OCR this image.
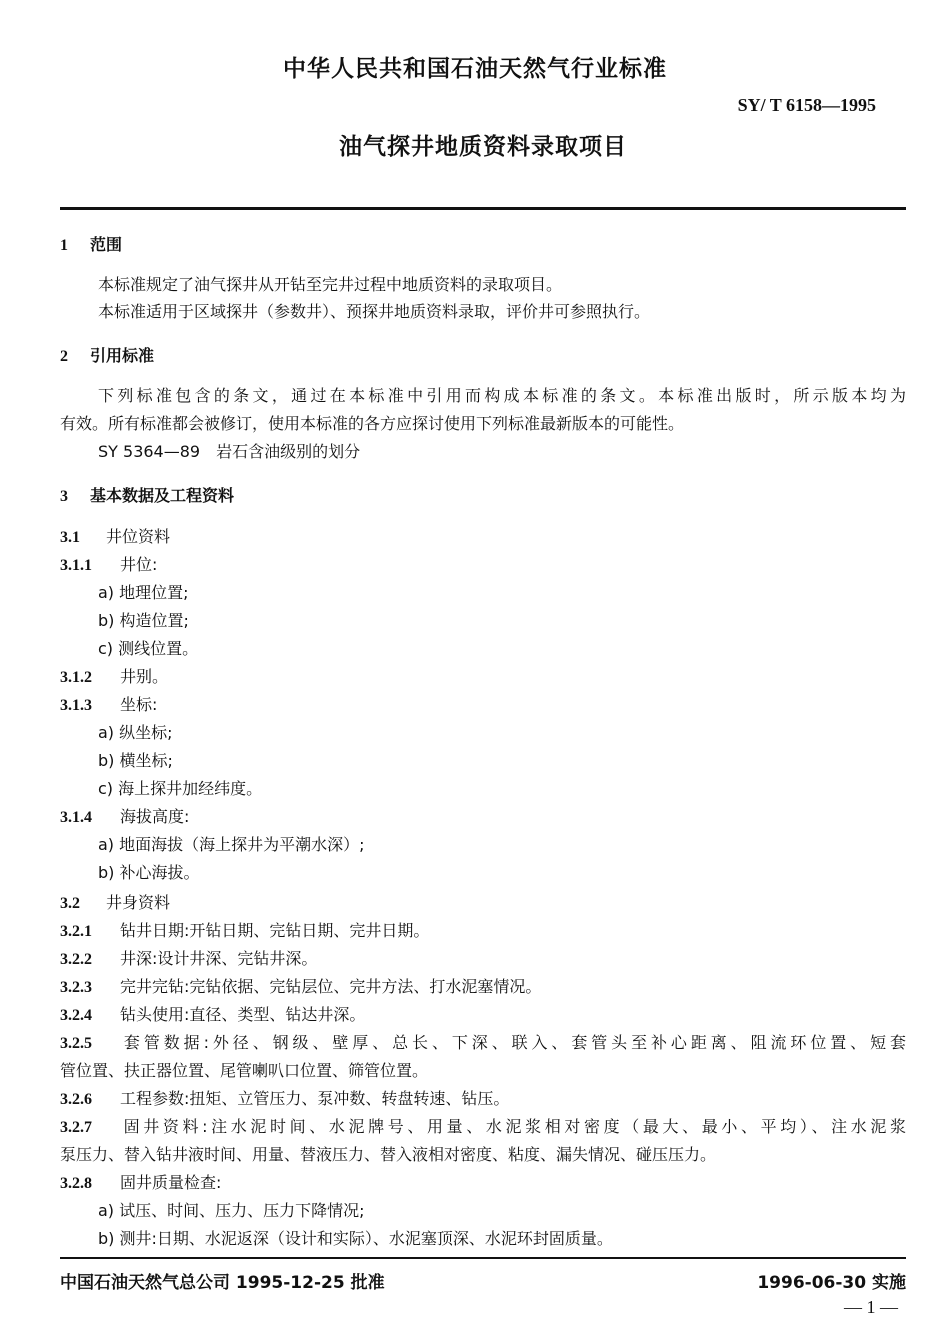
中华人民共和国石油天然气行业标准
SY/ T 6158—1995
油气探井地质资料录取项目
1 范围
本标准规定了油气探井从开钻至完井过程中地质资料的录取项目。
本标准适用于区域探井（参数井）、预探井地质资料录取，评价井可参照执行。
2 引用标准
下列标准包含的条文，通过在本标准中引用而构成本标准的条文。本标准出版时，所示版本均为
有效。所有标准都会被修订，使用本标准的各方应探讨使用下列标准最新版本的可能性。
SY 5364—89　岩石含油级别的划分
3 基本数据及工程资料
3.1 井位资料
3.1.1 井位:
a) 地理位置;
b) 构造位置;
c) 测线位置。
3.1.2 井别。
3.1.3 坐标:
a) 纵坐标;
b) 横坐标;
c) 海上探井加经纬度。
3.1.4 海拔高度:
a) 地面海拔（海上探井为平潮水深）;
b) 补心海拔。
3.2 井身资料
3.2.1 钻井日期:开钻日期、完钻日期、完井日期。
3.2.2 井深:设计井深、完钻井深。
3.2.3 完井完钻:完钻依据、完钻层位、完井方法、打水泥塞情况。
3.2.4 钻头使用:直径、类型、钻达井深。
3.2.5 套管数据:外径、钢级、壁厚、总长、下深、联入、套管头至补心距离、阻流环位置、短套
管位置、扶正器位置、尾管喇叭口位置、筛管位置。
3.2.6 工程参数:扭矩、立管压力、泵冲数、转盘转速、钻压。
3.2.7 固井资料:注水泥时间、水泥牌号、用量、水泥浆相对密度（最大、最小、平均）、注水泥浆
泵压力、替入钻井液时间、用量、替液压力、替入液相对密度、粘度、漏失情况、碰压压力。
3.2.8 固井质量检查:
a) 试压、时间、压力、压力下降情况;
b) 测井:日期、水泥返深（设计和实际）、水泥塞顶深、水泥环封固质量。
中国石油天然气总公司 1995-12-25 批准	1996-06-30 实施
— 1 —
